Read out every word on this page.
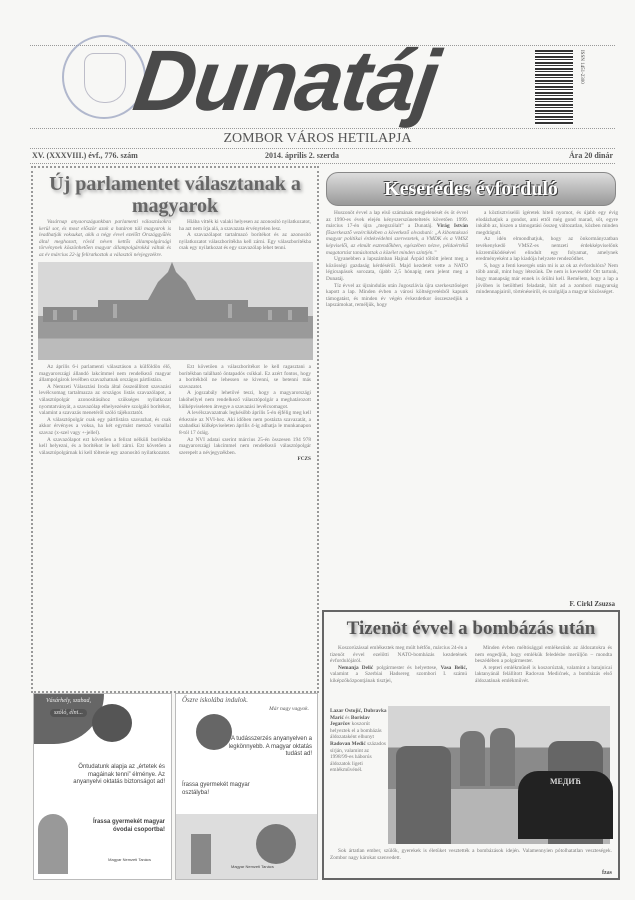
Dunatáj	ISSN 1451-2300
ZOMBOR VÁROS HETILAPJA
XV. (XXXVIII.) évf., 776. szám	2014. április 2. szerda	Ára 20 dinár
Új parlamentet választanak a magyarok

Vasárnap anyaországunkban parlamenti választásokra kerül sor, és most először azok a határon túli magyarok is leadhatják voksukat, akik a négy évvel ezelőtt Országgyűlés által meghozott, rövid néven kettős állampolgársági törvénynek köszönhetően magyar állampolgárokká váltak és az év március 22-ig feliratkoztak a választói névjegyzékre.

Hiába vitték ki valaki helyesen az azonosító nyilatkozatot, ha azt nem írja alá, a szavazata érvénytelen lesz.

A szavazólapot tartalmazó borítékot és az azonosító nyilatkozatot válaszborítékba kell zárni. Egy válaszborítékba csak egy nyilatkozat és egy szavazólap lehet tenni.

Az április 6-i parlamenti választáson a külföldön élő, magyarországi állandó lakcímmel nem rendelkező magyar állampolgárok levélben szavazhatnak országos pártlistára.

A Nemzeti Választási Iroda által összeállított szavazási levélcsomag tartalmazza az országos listás szavazólapot, a választópolgár azonosításához szükséges nyilatkozat nyomtatványát, a szavazólap elhelyezésére szolgáló borítékot, valamint a szavazás menetéről szóló tájékoztatót.

A választópolgár csak egy pártlistára szavazhat, és csak akkor érvényes a voksa, ha két egymást metsző vonallal szavaz (x-szel vagy +-jellel).

A szavazólapot ezt követően a felirat nélküli borítékba kell helyezni, és a borítékot le kell zárni. Ezt követően a választópolgárnak ki kell töltenie egy azonosító nyilatkozatot.

Ezt követően a válaszborítékot le kell ragasztani a borítékban található öntapadós csíkkal. Ez azért fontos, hogy a borítékból ne lehessen se kivenni, se betenni más szavazatot.

A jogszabály lehetővé teszi, hogy a magyarországi lakóhellyel nem rendelkező választópolgár a meghatározott külképviseleten átvegye a szavazási levélcsomagot.

A levélszavazatnak legkésőbb április 5-én éjfélig meg kell érkeznie az NVI-hez. Aki időben nem postázta szavazatát, a szabadkai külképviseleten április 4-ig adhatja le munkanapon 8-tól 17 óráig.

Az NVI adatai szerint március 25-én összesen 194 978 magyarországi lakcímmel nem rendelkező választópolgár szerepelt a névjegyzékben.

FCZS

Keserédes évforduló

Huszonöt évvel a lap első számának megjelenését és öt évvel az 1990-es évek elején kényszerszüneteltetés követően 1999. március 17-én újra „megszólalt” a Dunatáj. Virág István főszerkesztő vezércikkében a következő olvasható: „A kibontakozó magyar politikai érdekvédelmi szervezetek, a VMDK és a VMSZ képviselői, az elmúlt esztendőkben, egészében nézve, példaértékű magatartást tanúsítottak a közélet minden szintjén.”

Ugyanebben a lapszámban Hajnal Árpád töltött jelent meg a közösségi gazdaság kérdéséről. Majd kezdetét vette a NATO légicsapások sorozata, újabb 2,5 hónapig nem jelent meg a Dunatáj.

Tíz évvel az újraindulás után Jugoszlávia újra szerkesztőséget kapott a lap. Minden évben a városi költségvetésből kapunk támogatást, és minden év végén évkezdetkor összeszedjük a lapszámokat, reméljük, hogy

a köztisztviselői ígéretek hiteli nyomot, és újabb egy évig elodázhatjuk a gondot, ami ettől még gond marad, sőt, egyre inkább az, hiszen a támogatási összeg változatlan, közben minden megdrágult.

Az idén elmondhatjuk, hogy az önkormányzatban tevékenykedő VMSZ-es nemzeti érdekképviselőnk közreműködésével elindult egy folyamat, amelynek eredményeként a lap kiadója helyzete rendeződhet.

S, hogy a fenti kesergés után mi is az ok az évfordulóra? Nem több annál, mint hogy létezünk. De nem is kevesebb! Ott tartunk, hogy manapság már ennek is örülni kell. Remélem, hogy a lap a jövőben is betöltheti feladatát, hírt ad a zombori magyarság mindennapjairól, történéseiről, és szolgálja a magyar közösséget.

F. Cirkl Zsuzsa
Tizenöt évvel a bombázás után

Koszorúzással emlékeztek meg múlt hétfőn, március 24-én a tizenöt évvel ezelőtti NATO-bombázás kezdetének évfordulójáról.

Nemanja Delić polgármester és helyettese, Vasa Belić, valamint a Szerbiai Hadsereg szombori I. számú kiképzőközpontjának tisztjei,

Minden évben méltósággal emlékezünk az áldozatokra és nem engedjük, hogy emlékük feledésbe merüljön – mondta beszédében a polgármester.

A repteri emlékműnél is koszorúztak, valamint a batajnicai laktanyánál felállított Radovan Medićnek, a bombázás első áldozatának emlékművét.

Lazar Ostojić, Dubravka Marić és Borislav Jegarčov koszorút helyeztek el a bombázás áldozataként elhunyt Radovan Medić százados sírján, valamint az 1998/99-es háborús áldozatok ligeti emlékművénél.

Sok ártatlan ember, szülők, gyerekek is életüket vesztették a bombázások idején. Valamennyien pótolhatatlan veszteségek. Zombor nagy károkat szenvedett.

fzas
МЕДИЋ
Vásárhely, szabad,
szóló, élni...
Öntudatunk alapja az „értetek és magáinak tenni” élménye. Az anyanyelvi oktatás biztonságot ad!
Írassa gyermekét magyar óvodai csoportba!
Magyar Nemzeti Tanács
Őszre iskolába indulok.
Már nagy vagyok.
A tudásszerzés anyanyelven a legkönnyebb. A magyar oktatás tudást ad!
Írassa gyermekét magyar osztályba!
Magyar Nemzeti Tanács
